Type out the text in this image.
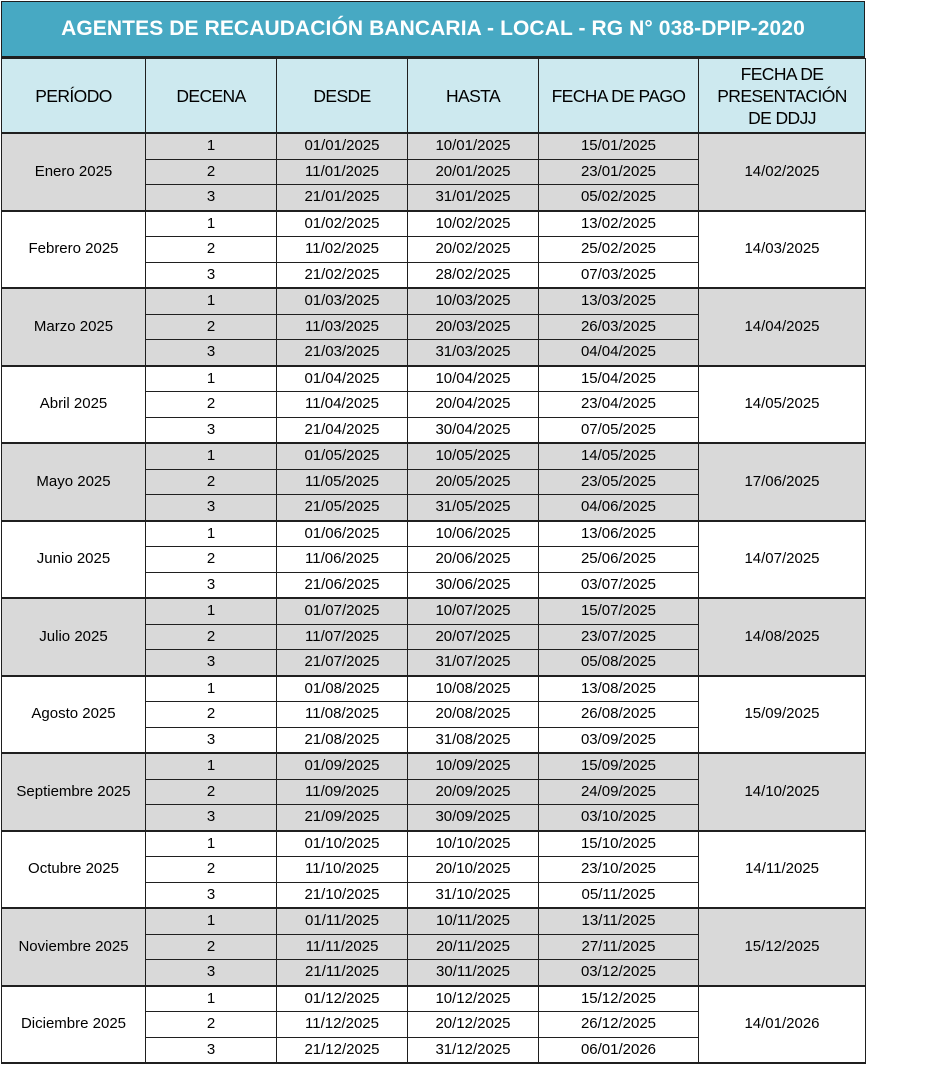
AGENTES DE RECAUDACIÓN BANCARIA - LOCAL - RG N° 038-DPIP-2020
PERÍODO	DECENA	DESDE	HASTA	FECHA DE PAGO	FECHA DE
PRESENTACIÓN
DE DDJJ

Enero 2025	1	01/01/2025	10/01/2025	15/01/2025	14/02/2025
	2	11/01/2025	20/01/2025	23/01/2025	
	3	21/01/2025	31/01/2025	05/02/2025	
Febrero 2025	1	01/02/2025	10/02/2025	13/02/2025	14/03/2025
	2	11/02/2025	20/02/2025	25/02/2025	
	3	21/02/2025	28/02/2025	07/03/2025	
Marzo 2025	1	01/03/2025	10/03/2025	13/03/2025	14/04/2025
	2	11/03/2025	20/03/2025	26/03/2025	
	3	21/03/2025	31/03/2025	04/04/2025	
Abril 2025	1	01/04/2025	10/04/2025	15/04/2025	14/05/2025
	2	11/04/2025	20/04/2025	23/04/2025	
	3	21/04/2025	30/04/2025	07/05/2025	
Mayo 2025	1	01/05/2025	10/05/2025	14/05/2025	17/06/2025
	2	11/05/2025	20/05/2025	23/05/2025	
	3	21/05/2025	31/05/2025	04/06/2025	
Junio 2025	1	01/06/2025	10/06/2025	13/06/2025	14/07/2025
	2	11/06/2025	20/06/2025	25/06/2025	
	3	21/06/2025	30/06/2025	03/07/2025	
Julio 2025	1	01/07/2025	10/07/2025	15/07/2025	14/08/2025
	2	11/07/2025	20/07/2025	23/07/2025	
	3	21/07/2025	31/07/2025	05/08/2025	
Agosto 2025	1	01/08/2025	10/08/2025	13/08/2025	15/09/2025
	2	11/08/2025	20/08/2025	26/08/2025	
	3	21/08/2025	31/08/2025	03/09/2025	
Septiembre 2025	1	01/09/2025	10/09/2025	15/09/2025	14/10/2025
	2	11/09/2025	20/09/2025	24/09/2025	
	3	21/09/2025	30/09/2025	03/10/2025	
Octubre 2025	1	01/10/2025	10/10/2025	15/10/2025	14/11/2025
	2	11/10/2025	20/10/2025	23/10/2025	
	3	21/10/2025	31/10/2025	05/11/2025	
Noviembre 2025	1	01/11/2025	10/11/2025	13/11/2025	15/12/2025
	2	11/11/2025	20/11/2025	27/11/2025	
	3	21/11/2025	30/11/2025	03/12/2025	
Diciembre 2025	1	01/12/2025	10/12/2025	15/12/2025	14/01/2026
	2	11/12/2025	20/12/2025	26/12/2025	
	3	21/12/2025	31/12/2025	06/01/2026	
